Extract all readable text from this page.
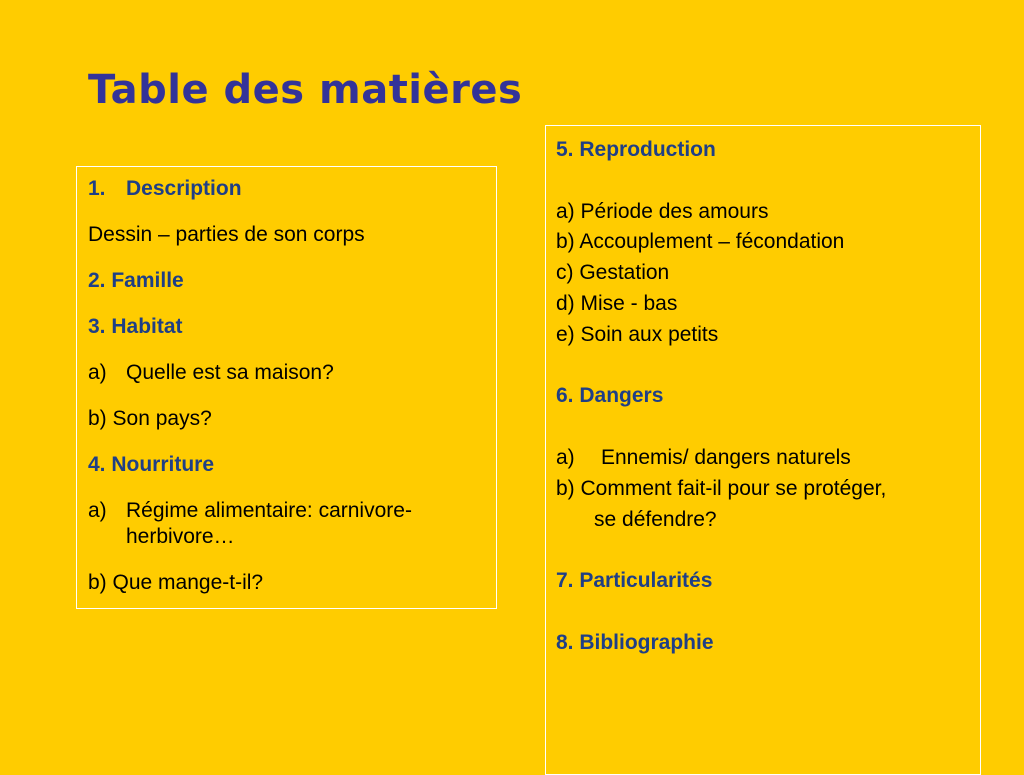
Table des matières
1. Description
Dessin – parties de son corps
2. Famille
3. Habitat
a) Quelle est sa maison?
b) Son pays?
4. Nourriture
a) Régime alimentaire: carnivore-herbivore…
b) Que mange-t-il?
5. Reproduction
a) Période des amours
b) Accouplement – fécondation
c) Gestation
d) Mise - bas
e) Soin aux petits
6. Dangers
a) Ennemis/ dangers naturels
b) Comment fait-il pour se protéger,
se défendre?
7. Particularités
8. Bibliographie
